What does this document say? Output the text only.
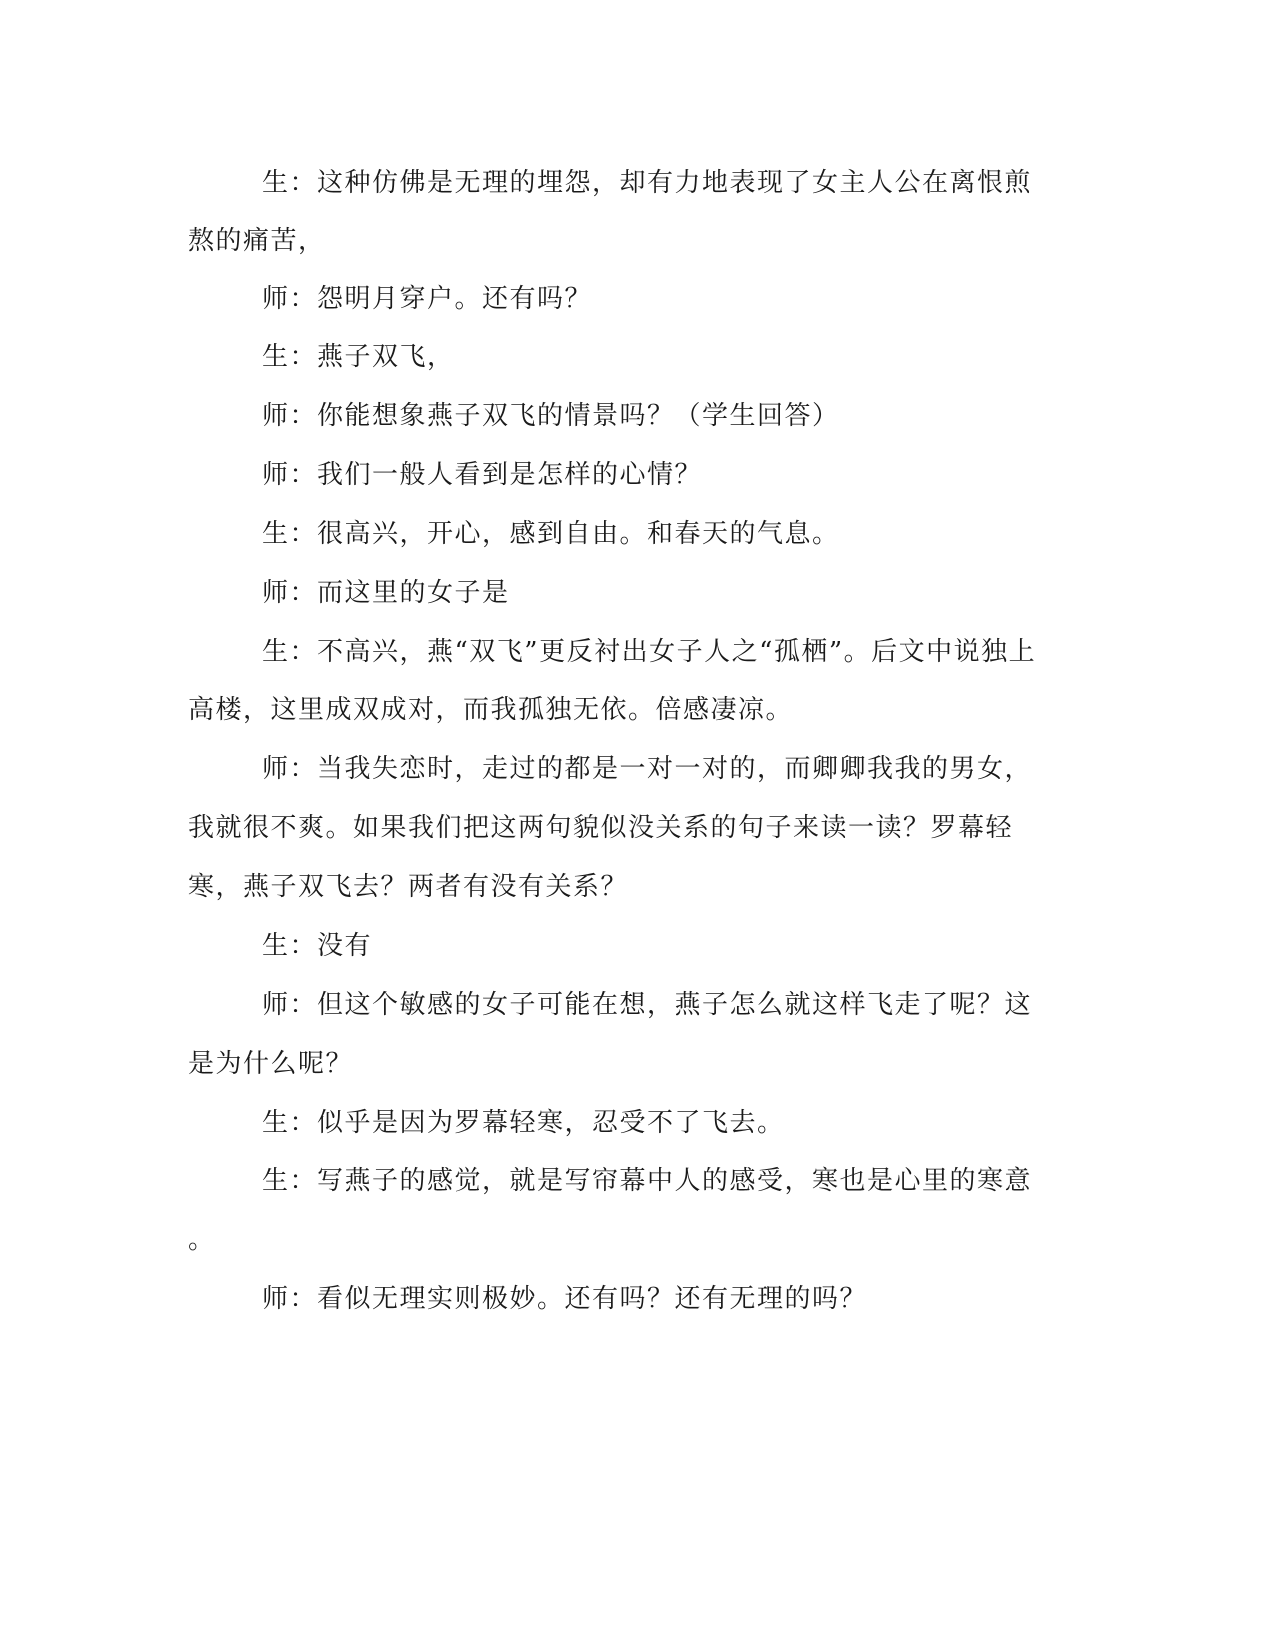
生：这种仿佛是无理的埋怨，却有力地表现了女主人公在离恨煎
熬的痛苦，
师：怨明月穿户。还有吗？
生：燕子双飞，
师：你能想象燕子双飞的情景吗？（学生回答）
师：我们一般人看到是怎样的心情？
生：很高兴，开心，感到自由。和春天的气息。
师：而这里的女子是
生：不高兴，燕“双飞”更反衬出女子人之“孤栖”。后文中说独上
高楼，这里成双成对，而我孤独无依。倍感凄凉。
师：当我失恋时，走过的都是一对一对的，而卿卿我我的男女，
我就很不爽。如果我们把这两句貌似没关系的句子来读一读？罗幕轻
寒，燕子双飞去？两者有没有关系？
生：没有
师：但这个敏感的女子可能在想，燕子怎么就这样飞走了呢？这
是为什么呢？
生：似乎是因为罗幕轻寒，忍受不了飞去。
生：写燕子的感觉，就是写帘幕中人的感受，寒也是心里的寒意
。
师：看似无理实则极妙。还有吗？还有无理的吗？
